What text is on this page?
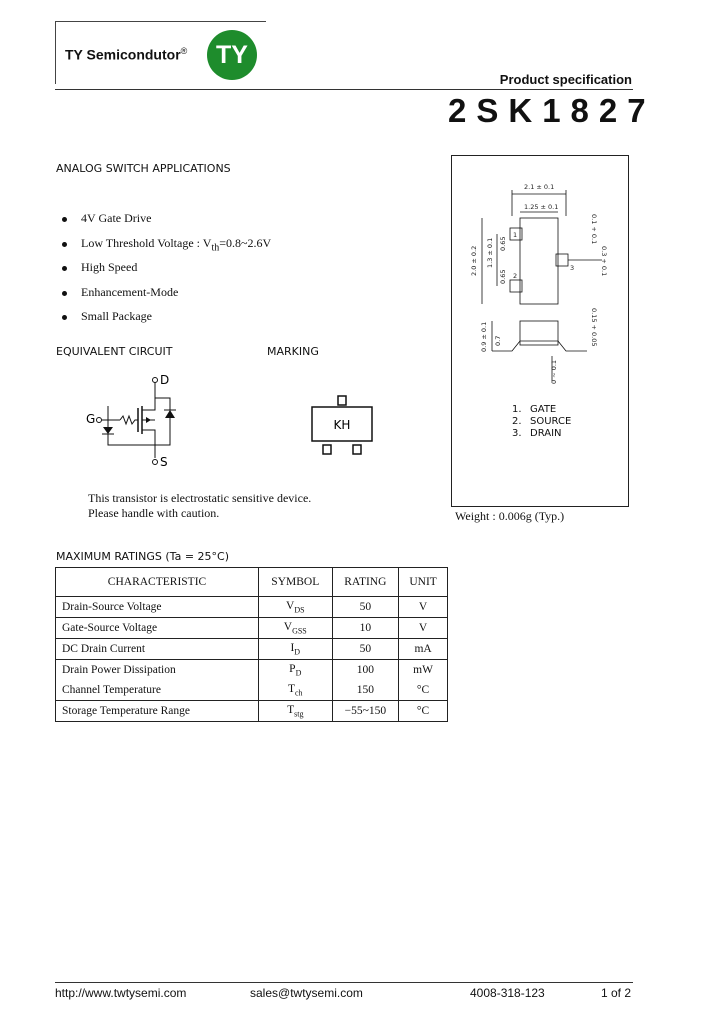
TY Semicondutor®	TY
Product specification
2SK1827
ANALOG SWITCH APPLICATIONS
4V Gate Drive
Low Threshold Voltage : $V_{th}=0.8\sim 2.6V$
High Speed
Enhancement-Mode
Small Package
EQUIVALENT CIRCUIT	MARKING
D
G
S
KH
2.1 ± 0.1
1.25 ± 0.1
0.65
0.65
2.0 ± 0.2 1.3 ± 0.1	0.3 + 0.1
0.1 + 0.1
0.9 ± 0.1 0.7	0.15 + 0.05
0 ~ 0.1
1
2
3
1. GATE
2. SOURCE
3. DRAIN
This transistor is electrostatic sensitive device.
Please handle with caution.	Weight : 0.006g (Typ.)
MAXIMUM RATINGS (Ta = 25°C)
CHARACTERISTIC	SYMBOL	RATING	UNIT
Drain-Source Voltage	$V_{DS}$	50	V
Gate-Source Voltage	$V_{GSS}$	10	V
DC Drain Current	$I_D$	50	mA
Drain Power Dissipation	$P_D$	100	mW
Channel Temperature	$T_{ch}$	150	°C
Storage Temperature Range	$T_{stg}$	−55~150	°C
http://www.twtysemi.com	sales@twtysemi.com	4008-318-123	1 of 2
